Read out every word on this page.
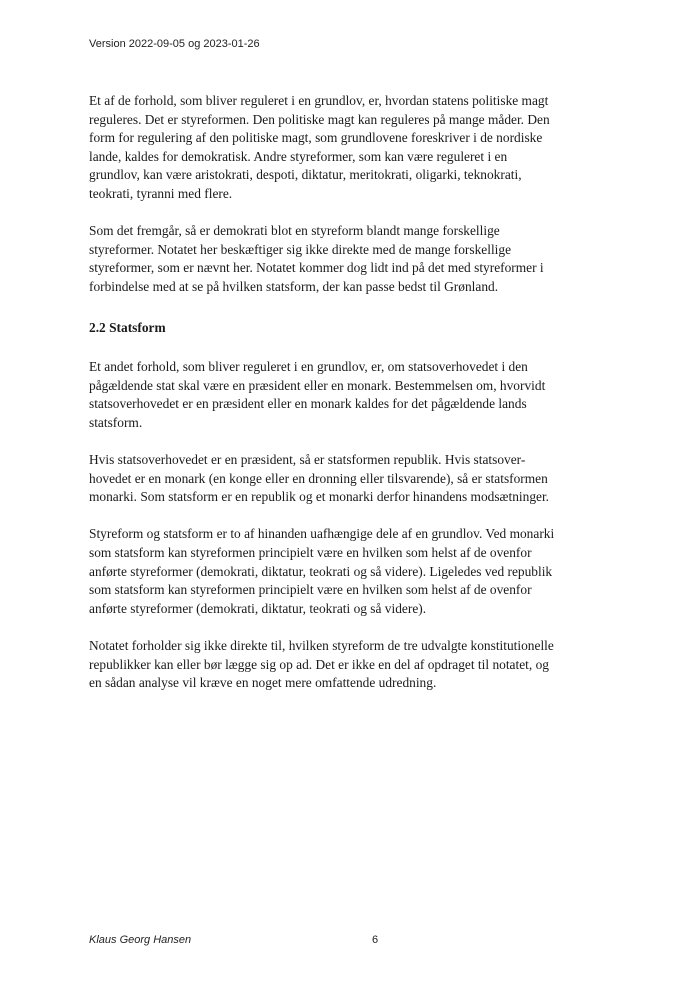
Version 2022-09-05 og 2023-01-26

Et af de forhold, som bliver reguleret i en grundlov, er, hvordan statens politiske magt
reguleres. Det er styreformen. Den politiske magt kan reguleres på mange måder. Den
form for regulering af den politiske magt, som grundlovene foreskriver i de nordiske
lande, kaldes for demokratisk. Andre styreformer, som kan være reguleret i en
grundlov, kan være aristokrati, despoti, diktatur, meritokrati, oligarki, teknokrati,
teokrati, tyranni med flere.

Som det fremgår, så er demokrati blot en styreform blandt mange forskellige
styreformer. Notatet her beskæftiger sig ikke direkte med de mange forskellige
styreformer, som er nævnt her. Notatet kommer dog lidt ind på det med styreformer i
forbindelse med at se på hvilken statsform, der kan passe bedst til Grønland.

2.2 Statsform

Et andet forhold, som bliver reguleret i en grundlov, er, om statsoverhovedet i den
pågældende stat skal være en præsident eller en monark. Bestemmelsen om, hvorvidt
statsoverhovedet er en præsident eller en monark kaldes for det pågældende lands
statsform.

Hvis statsoverhovedet er en præsident, så er statsformen republik. Hvis statsover-
hovedet er en monark (en konge eller en dronning eller tilsvarende), så er statsformen
monarki. Som statsform er en republik og et monarki derfor hinandens modsætninger.

Styreform og statsform er to af hinanden uafhængige dele af en grundlov. Ved monarki
som statsform kan styreformen principielt være en hvilken som helst af de ovenfor
anførte styreformer (demokrati, diktatur, teokrati og så videre). Ligeledes ved republik
som statsform kan styreformen principielt være en hvilken som helst af de ovenfor
anførte styreformer (demokrati, diktatur, teokrati og så videre).

Notatet forholder sig ikke direkte til, hvilken styreform de tre udvalgte konstitutionelle
republikker kan eller bør lægge sig op ad. Det er ikke en del af opdraget til notatet, og
en sådan analyse vil kræve en noget mere omfattende udredning.

Klaus Georg Hansen	6
